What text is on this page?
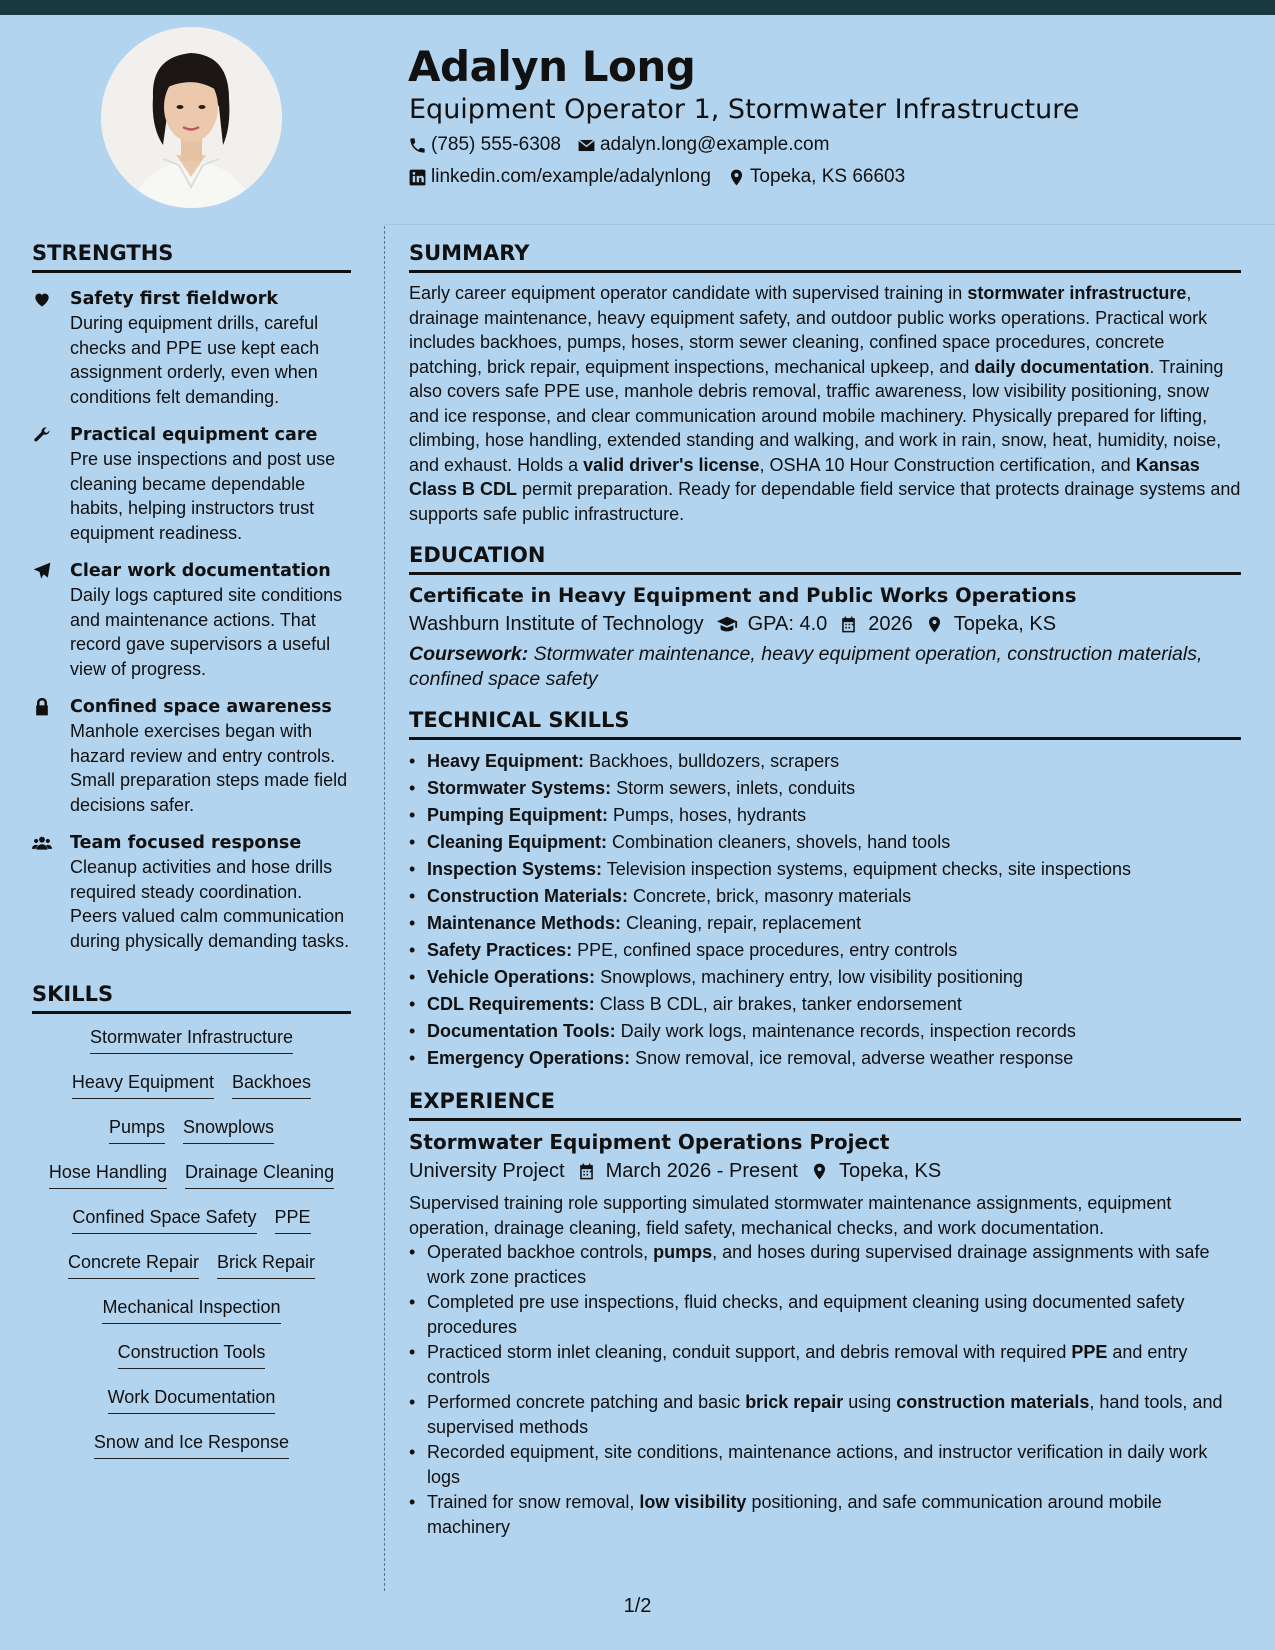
Adalyn Long
Equipment Operator 1, Stormwater Infrastructure
(785) 555-6308 adalyn.long@example.com
linkedin.com/example/adalynlong Topeka, KS 66603
STRENGTHS
Safety first fieldwork
During equipment drills, careful checks and PPE use kept each assignment orderly, even when conditions felt demanding.
Practical equipment care
Pre use inspections and post use cleaning became dependable habits, helping instructors trust equipment readiness.
Clear work documentation
Daily logs captured site conditions and maintenance actions. That record gave supervisors a useful view of progress.
Confined space awareness
Manhole exercises began with hazard review and entry controls. Small preparation steps made field decisions safer.
Team focused response
Cleanup activities and hose drills required steady coordination. Peers valued calm communication during physically demanding tasks.
SKILLS
Stormwater Infrastructure
Heavy Equipment Backhoes
Pumps Snowplows
Hose Handling Drainage Cleaning
Confined Space Safety PPE
Concrete Repair Brick Repair
Mechanical Inspection
Construction Tools
Work Documentation
Snow and Ice Response
SUMMARY

Early career equipment operator candidate with supervised training in stormwater infrastructure, drainage maintenance, heavy equipment safety, and outdoor public works operations. Practical work includes backhoes, pumps, hoses, storm sewer cleaning, confined space procedures, concrete patching, brick repair, equipment inspections, mechanical upkeep, and daily documentation. Training also covers safe PPE use, manhole debris removal, traffic awareness, low visibility positioning, snow and ice response, and clear communication around mobile machinery. Physically prepared for lifting, climbing, hose handling, extended standing and walking, and work in rain, snow, heat, humidity, noise, and exhaust. Holds a valid driver's license, OSHA 10 Hour Construction certification, and Kansas Class B CDL permit preparation. Ready for dependable field service that protects drainage systems and supports safe public infrastructure.

EDUCATION
Certificate in Heavy Equipment and Public Works Operations
Washburn Institute of Technology GPA: 4.0 2026 Topeka, KS
Coursework: Stormwater maintenance, heavy equipment operation, construction materials, confined space safety
TECHNICAL SKILLS
• Heavy Equipment: Backhoes, bulldozers, scrapers
• Stormwater Systems: Storm sewers, inlets, conduits
• Pumping Equipment: Pumps, hoses, hydrants
• Cleaning Equipment: Combination cleaners, shovels, hand tools
• Inspection Systems: Television inspection systems, equipment checks, site inspections
• Construction Materials: Concrete, brick, masonry materials
• Maintenance Methods: Cleaning, repair, replacement
• Safety Practices: PPE, confined space procedures, entry controls
• Vehicle Operations: Snowplows, machinery entry, low visibility positioning
• CDL Requirements: Class B CDL, air brakes, tanker endorsement
• Documentation Tools: Daily work logs, maintenance records, inspection records
• Emergency Operations: Snow removal, ice removal, adverse weather response
EXPERIENCE
Stormwater Equipment Operations Project
University Project March 2026 - Present Topeka, KS
Supervised training role supporting simulated stormwater maintenance assignments, equipment operation, drainage cleaning, field safety, mechanical checks, and work documentation.
• Operated backhoe controls, pumps, and hoses during supervised drainage assignments with safe work zone practices
• Completed pre use inspections, fluid checks, and equipment cleaning using documented safety procedures
• Practiced storm inlet cleaning, conduit support, and debris removal with required PPE and entry controls
• Performed concrete patching and basic brick repair using construction materials, hand tools, and supervised methods
• Recorded equipment, site conditions, maintenance actions, and instructor verification in daily work logs
• Trained for snow removal, low visibility positioning, and safe communication around mobile machinery
1/2
